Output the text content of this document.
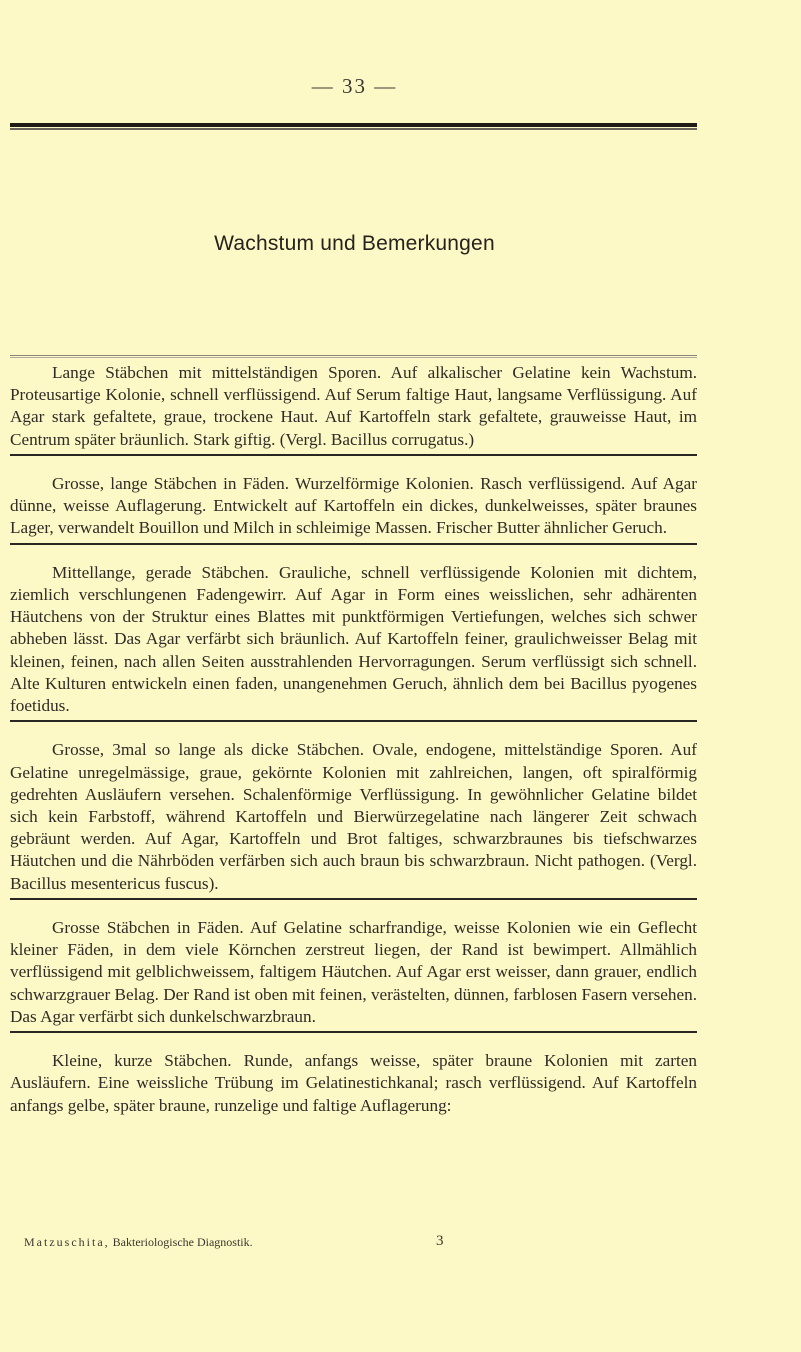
— 33 —
Wachstum und Bemerkungen

Lange Stäbchen mit mittelständigen Sporen. Auf alkalischer Gelatine kein Wachstum. Proteusartige Kolonie, schnell verflüssigend. Auf Serum faltige Haut, langsame Verflüssigung. Auf Agar stark gefaltete, graue, trockene Haut. Auf Kartoffeln stark gefaltete, grauweisse Haut, im Centrum später bräunlich. Stark giftig. (Vergl. Bacillus corrugatus.)

Grosse, lange Stäbchen in Fäden. Wurzelförmige Kolonien. Rasch verflüssigend. Auf Agar dünne, weisse Auflagerung. Entwickelt auf Kartoffeln ein dickes, dunkelweisses, später braunes Lager, verwandelt Bouillon und Milch in schleimige Massen. Frischer Butter ähnlicher Geruch.

Mittellange, gerade Stäbchen. Grauliche, schnell verflüssigende Kolonien mit dichtem, ziemlich verschlungenen Fadengewirr. Auf Agar in Form eines weisslichen, sehr adhärenten Häutchens von der Struktur eines Blattes mit punktförmigen Vertiefungen, welches sich schwer abheben lässt. Das Agar verfärbt sich bräunlich. Auf Kartoffeln feiner, graulichweisser Belag mit kleinen, feinen, nach allen Seiten ausstrahlenden Hervorragungen. Serum verflüssigt sich schnell. Alte Kulturen entwickeln einen faden, unangenehmen Geruch, ähnlich dem bei Bacillus pyogenes foetidus.

Grosse, 3mal so lange als dicke Stäbchen. Ovale, endogene, mittelständige Sporen. Auf Gelatine unregelmässige, graue, gekörnte Kolonien mit zahlreichen, langen, oft spiralförmig gedrehten Ausläufern versehen. Schalenförmige Verflüssigung. In gewöhnlicher Gelatine bildet sich kein Farbstoff, während Kartoffeln und Bierwürzegelatine nach längerer Zeit schwach gebräunt werden. Auf Agar, Kartoffeln und Brot faltiges, schwarzbraunes bis tiefschwarzes Häutchen und die Nährböden verfärben sich auch braun bis schwarzbraun. Nicht pathogen. (Vergl. Bacillus mesentericus fuscus).

Grosse Stäbchen in Fäden. Auf Gelatine scharfrandige, weisse Kolonien wie ein Geflecht kleiner Fäden, in dem viele Körnchen zerstreut liegen, der Rand ist bewimpert. Allmählich verflüssigend mit gelblichweissem, faltigem Häutchen. Auf Agar erst weisser, dann grauer, endlich schwarzgrauer Belag. Der Rand ist oben mit feinen, verästelten, dünnen, farblosen Fasern versehen. Das Agar verfärbt sich dunkelschwarzbraun.

Kleine, kurze Stäbchen. Runde, anfangs weisse, später braune Kolonien mit zarten Ausläufern. Eine weissliche Trübung im Gelatinestichkanal; rasch verflüssigend. Auf Kartoffeln anfangs gelbe, später braune, runzelige und faltige Auflagerung:

Matzuschita, Bakteriologische Diagnostik.	3
